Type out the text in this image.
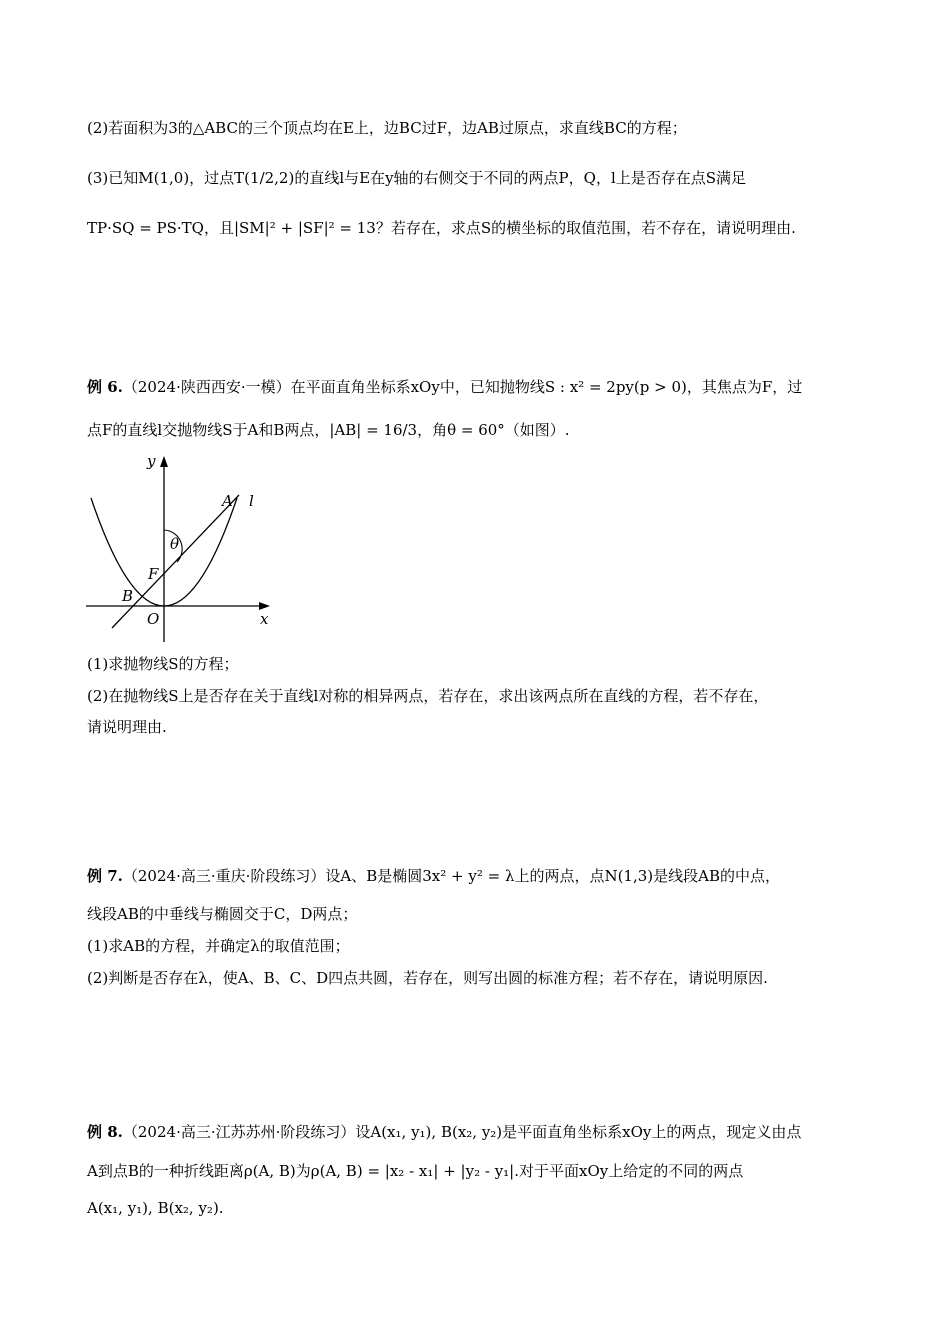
(2)若面积为3的△ABC的三个顶点均在E上，边BC过F，边AB过原点，求直线BC的方程；
(3)已知M(1,0)，过点T(1/2,2)的直线l与E在y轴的右侧交于不同的两点P，Q，l上是否存在点S满足
TP·SQ = PS·TQ，且|SM|² + |SF|² = 13？若存在，求点S的横坐标的取值范围，若不存在，请说明理由.
例 6.（2024·陕西西安·一模）在平面直角坐标系xOy中，已知抛物线S : x² = 2py(p > 0)，其焦点为F，过
点F的直线l交抛物线S于A和B两点，|AB| = 16/3，角θ = 60°（如图）.
y
x
O
F
B
A l
θ
(1)求抛物线S的方程；
(2)在抛物线S上是否存在关于直线l对称的相异两点，若存在，求出该两点所在直线的方程，若不存在，
请说明理由.
例 7.（2024·高三·重庆·阶段练习）设A、B是椭圆3x² + y² = λ上的两点，点N(1,3)是线段AB的中点，
线段AB的中垂线与椭圆交于C，D两点；
(1)求AB的方程，并确定λ的取值范围；
(2)判断是否存在λ，使A、B、C、D四点共圆，若存在，则写出圆的标准方程；若不存在，请说明原因.
例 8.（2024·高三·江苏苏州·阶段练习）设A(x₁, y₁), B(x₂, y₂)是平面直角坐标系xOy上的两点，现定义由点
A到点B的一种折线距离ρ(A, B)为ρ(A, B) = |x₂ - x₁| + |y₂ - y₁|.对于平面xOy上给定的不同的两点
A(x₁, y₁), B(x₂, y₂).
